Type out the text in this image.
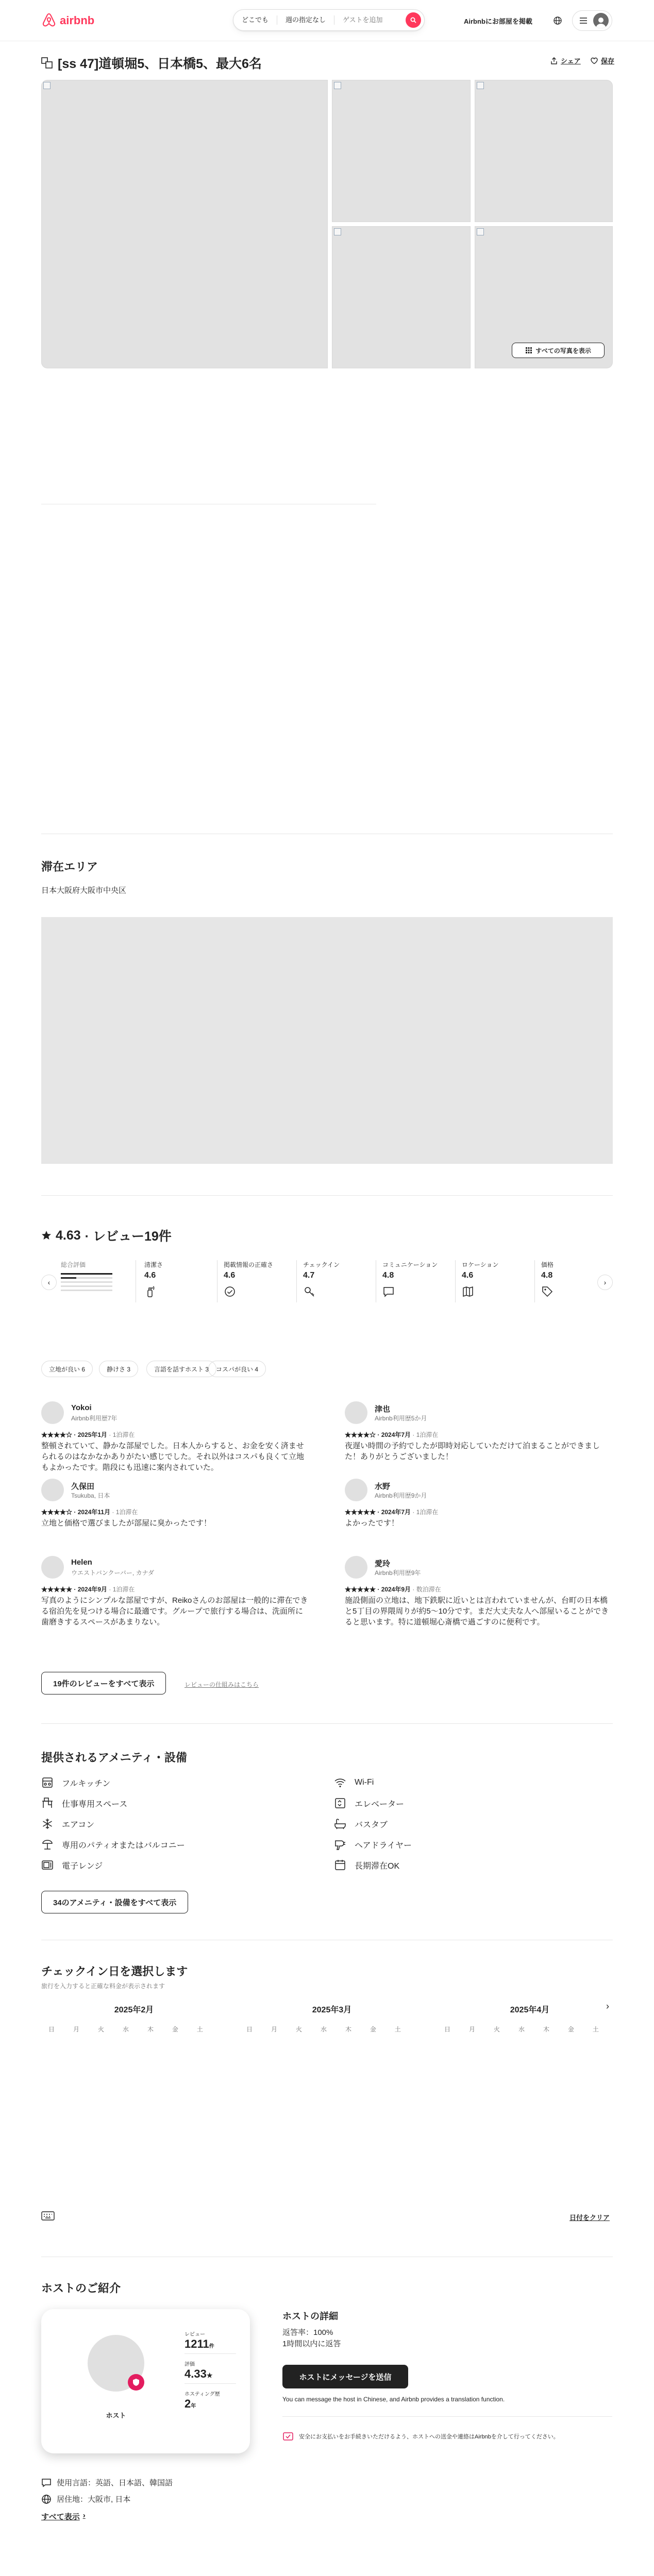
airbnb	どこでも	週の指定なし	ゲストを追加	Airbnbにお部屋を掲載
[ss 47]道頓堀5、日本橋5、最大6名	シェア	保存
すべての写真を表示
滞在エリア
日本大阪府大阪市中央区
4.63 · レビュー19件
‹
総合評価	清潔さ
4.6
掲載情報の正確さ
4.6
チェックイン
4.7
コミュニケーション
4.8
ロケーション
4.6
価格
4.8
›
立地が良い 6	静けさ 3	言語を話すホスト 3	コスパが良い 4
Yokoi
Airbnb利用歴7年
★★★★☆ · 2025年1月 · 1泊滞在
整頓されていて、静かな部屋でした。日本人からすると、お金を安く済ませられるのはなかなかありがたい感じでした。それ以外はコスパも良くて立地もよかったです。階段にも迅速に案内されていた。
津也
Airbnb利用歴5か月
★★★★☆ · 2024年7月 · 1泊滞在
夜遅い時間の予約でしたが即時対応していただけて泊まることができました！ありがとうございました！
久保田
Tsukuba, 日本
★★★★☆ · 2024年11月 · 1泊滞在
立地と価格で選びましたが部屋に臭かったです！
水野
Airbnb利用歴9か月
★★★★★ · 2024年7月 · 1泊滞在
よかったです！
Helen
ウエストバンクーバー, カナダ
★★★★★ · 2024年9月 · 1泊滞在
写真のようにシンプルな部屋ですが、Reikoさんのお部屋は一般的に滞在できる宿泊先を見つける場合に最適です。グループで旅行する場合は、洗面所に歯磨きするスペースがあまりない。
愛玲
Airbnb利用歴9年
★★★★★ · 2024年9月 · 数泊滞在
施設側面の立地は、地下鉄駅に近いとは言われていませんが、台町の日本橋と5丁目の界隈周りが約5〜10分です。まだ大丈夫な人へ部屋いることができると思います。特に道頓堀心斎橋で過ごすのに便利です。
19件のレビューをすべて表示	レビューの仕組みはこちら
提供されるアメニティ・設備
フルキッチン	Wi-Fi
仕事専用スペース	エレベーター
エアコン	バスタブ
専用のパティオまたはバルコニー	ヘアドライヤー
電子レンジ	長期滞在OK
34のアメニティ・設備をすべて表示
チェックイン日を選択します
旅行を入力すると正確な料金が表示されます
2025年2月	2025年3月	2025年4月	›
日	月	火	水	木	金	土	日	月	火	水	木	金	土	日	月	火	水	木	金	土
日付をクリア
ホストのご紹介
ホスト
レビュー
1211件
評価
4.33★
ホスティング歴
2年
ホストの詳細
返答率：100%
1時間以内に返答
ホストにメッセージを送信
You can message the host in Chinese, and Airbnb provides a translation function.
安全にお支払いをお手続きいただけるよう、ホストへの送金や連絡はAirbnbを介して行ってください。
使用言語：英語、日本語、韓国語
居住地：大阪市, 日本
すべて表示 ›
